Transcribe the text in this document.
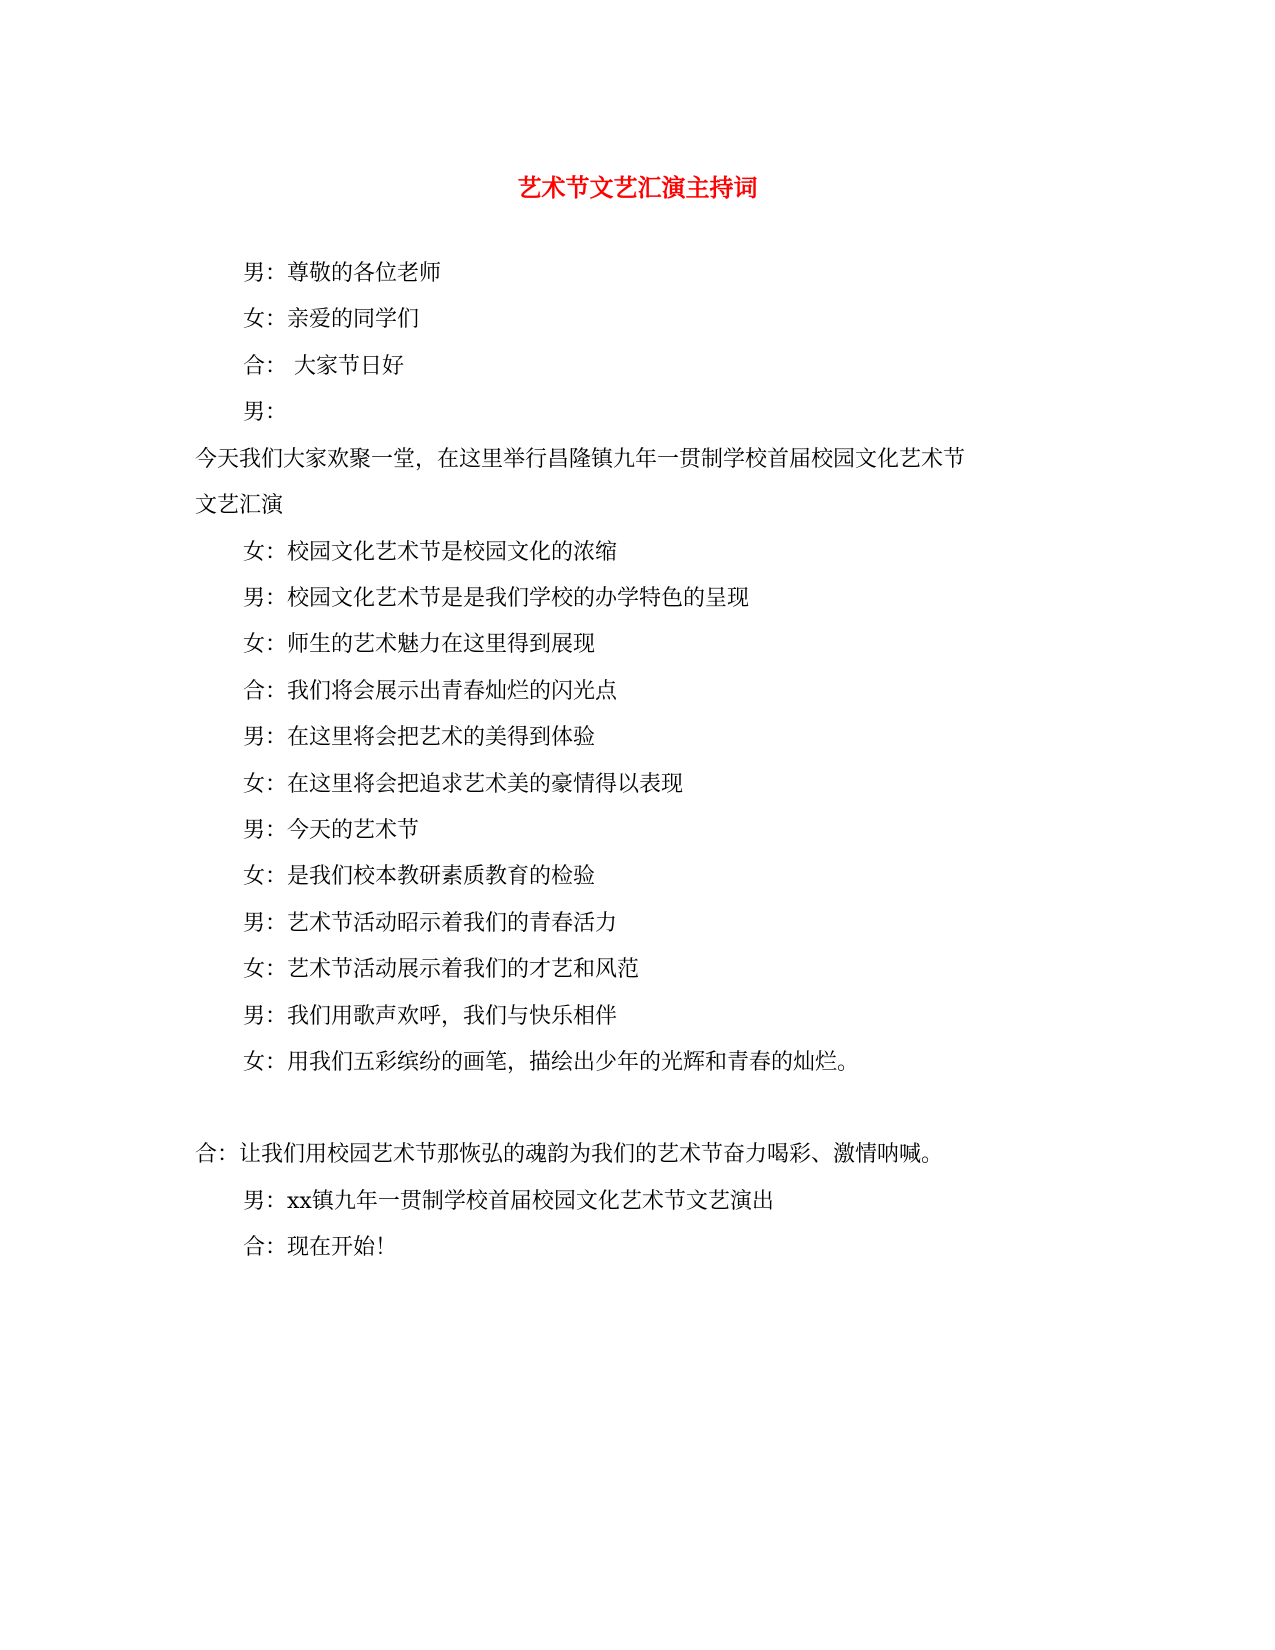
艺术节文艺汇演主持词

男：尊敬的各位老师

女：亲爱的同学们

合： 大家节日好

男：

今天我们大家欢聚一堂，在这里举行昌隆镇九年一贯制学校首届校园文化艺术节

文艺汇演

女：校园文化艺术节是校园文化的浓缩

男：校园文化艺术节是是我们学校的办学特色的呈现

女：师生的艺术魅力在这里得到展现

合：我们将会展示出青春灿烂的闪光点

男：在这里将会把艺术的美得到体验

女：在这里将会把追求艺术美的豪情得以表现

男：今天的艺术节

女：是我们校本教研素质教育的检验

男：艺术节活动昭示着我们的青春活力

女：艺术节活动展示着我们的才艺和风范

男：我们用歌声欢呼，我们与快乐相伴

女：用我们五彩缤纷的画笔，描绘出少年的光辉和青春的灿烂。

合：让我们用校园艺术节那恢弘的魂韵为我们的艺术节奋力喝彩、激情呐喊。

男：xx镇九年一贯制学校首届校园文化艺术节文艺演出

合：现在开始！
